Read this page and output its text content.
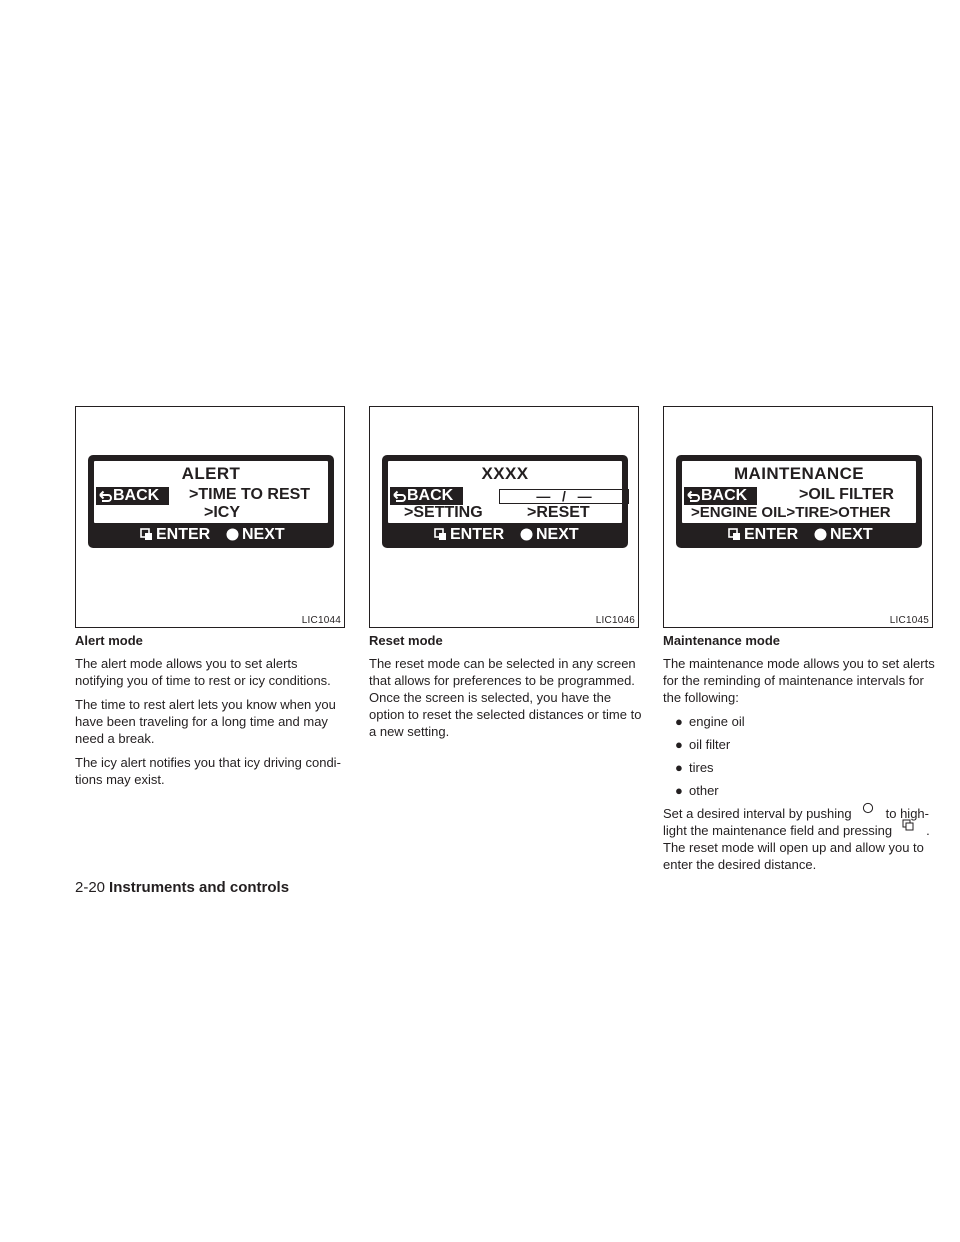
ALERT
BACK >TIME TO REST
>ICY
ENTER NEXT
LIC1044
XXXX
BACK	—   /   —
>SETTING	>RESET
ENTER NEXT
LIC1046
MAINTENANCE
BACK	>OIL FILTER
>ENGINE OIL>TIRE>OTHER
ENTER NEXT
LIC1045
Alert mode

The alert mode allows you to set alerts notifying you of time to rest or icy conditions.

The time to rest alert lets you know when you have been traveling for a long time and may need a break.

The icy alert notifies you that icy driving condi- tions may exist.

Reset mode

The reset mode can be selected in any screen that allows for preferences to be programmed. Once the screen is selected, you have the option to reset the selected distances or time to a new setting.

Maintenance mode

The maintenance mode allows you to set alerts for the reminding of maintenance intervals for the following:

● engine oil
● oil filter
● tires
● other

Set a desired interval by pushing	to high- light the maintenance field and pressing	. The reset mode will open up and allow you to enter the desired distance.

2-20 Instruments and controls
